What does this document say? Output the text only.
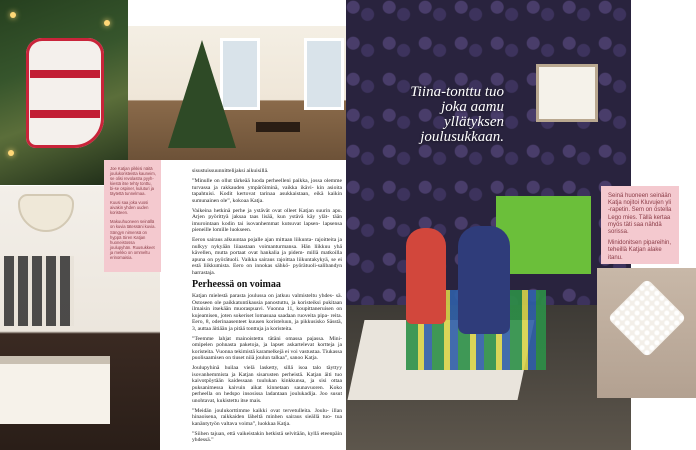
Tiina-tonttu tuo joka aamu yllätyksen joulusukkaan.

Joe Katjan pikkisi näitä joulukoristeista kauneim, se olisi revolastra pyyh- kiestä itse tehty tonttu, bi-se ospiner, kuluturi ja täytettä tunnelmaa.

Kuusi saa joka vuosi aivakin yhden uuden koristeen.

Makuuhuoneen seinällä on kuvia tätessäni kuvia. Sängyn nimensä on hyppä Siren Katjan huoneistossa joulupyhän. Ruusukkeet ja mekko on ommeltu erinomaisia.

Seinä huoneen seinään Katja nojitoi Kluvujen yli -rapetin. Sem on östella Lego mies. Tällä kertaa myös täti saa nähdä sorissa.

Minidonitsen pipareihin, teheillä Katjan alake itanu.

sisustuissuunnittelijaksi aikuisillä.

”Minulle on ollut tärkeää luoda perheelleni paikka, jossa olemme turvassa ja rakkauden ympäröiminä, vaikka ikävi- kin asioita tapahtuisi. Kodit kertovat tarinaa asukkaistaan, eikä kaikin sumunainen ole”, kokoaa Katja.

Vaikeina hetkinä perhe ja ystävät ovat olleet Katjan suurin apu. Arjen pyörittyä jaksaa taas lisää, kun ystävä käy ylät- tään imurointaan kodin tai isovanhemmat kutsuvat lapsen- lapsensa pieneille lomille luokseen.

Eeron sairaus alkuuntaa pojalle ajan mittaan liikunta- rajoitteita ja nulkyy nykyään liiaastaan voimanturmansa. Hän liikkuu yhä kävellen, mutta portaat ovat hankalia ja pidem- millä matkoilla apuna on pyörätuoli. Vaikka sairaus rajoittaa liikuntakykyä, se ei estä liikkumista. Eero on innokas sähkö- pyörätuoli-salibandyn harrastaja.

Perheessä on voimaa

Katjan mielestä parasta joulussa on jatkuu valmisteltu yhdes- sä. Ostoseen ole paikkatuntikausia panostuttu, ja koristeiksi pukitaan ilmaisin itsekään muoraspuavi. Vuonna 11, koupittaneruisen on kujeamisen, joten sokeriset lomasuaa saadaan ruoveita pipa- reita. Eero, 8, oderinaasenteet kuusen koristeluun, ja pikkusisko Sässtä, 3, auttaa äitiään ja pitää tonttuja ja koristeita.

”Teemme lahjat mainoistettu tätäni omassa pajassa. Mini- omipelen pohnasta paketoja, ja lapset askartelevat kortteja ja koristeita. Vuonna tekimistä karamelkejä ei voi vastustaa. Tiukassa puolisaamisen on tiuset niiä joulun talkaa”, sanoo Katja.

Joulupyhinä huilaa vielä lasketty, sillä isoa talo täyttyy isovanhemmista ja Katjan sisarusten perheistä. Katjan äiti tuo kaivotpöytään kaidessaan tuulukan kinkkunsa, ja sisi ottaa puksanimessa kaivuin aikat kinnetaan saunavuoren. Koko perheella on hedspo insosissa ladantaan joulukadija. Joo susut unohtavat, kukistettu itse mais.

”Meidän joulukorttimme kaikki ovat tervetulleita. Joulu- illan hinaoisena, raikkaiden läheltä minhen sairaus sieällä tuo- tua kanäntytyön valtava voima”, luokkaa Katja.

”Siihen tajuan, että vaikeistakin hetkistä selvitään, kyllä eteenpäin yhdessä.”
